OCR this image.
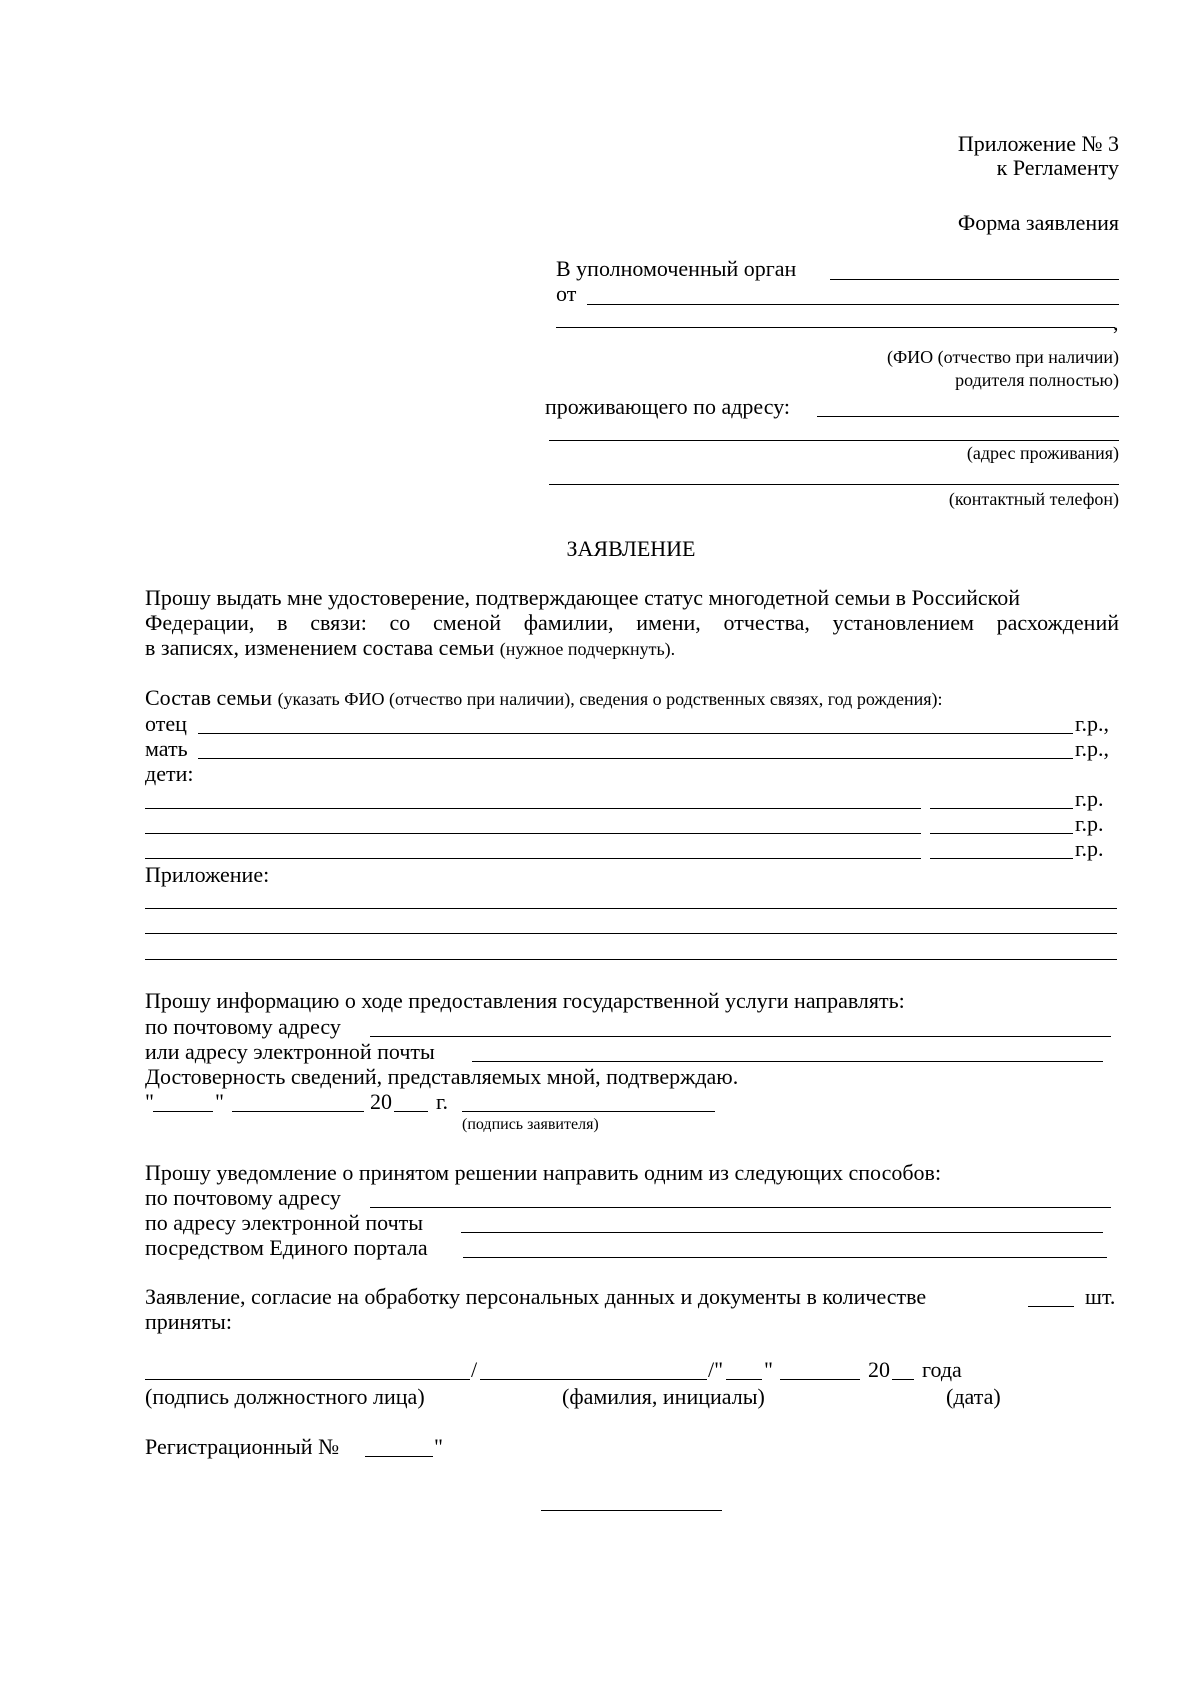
Приложение № 3
к Регламенту
Форма заявления
В уполномоченный орган
от
,
(ФИО (отчество при наличии)
родителя полностью)
проживающего по адресу:
(адрес проживания)
(контактный телефон)
ЗАЯВЛЕНИЕ
Прошу выдать мне удостоверение, подтверждающее статус многодетной семьи в Российской
Федерации, в связи: со сменой фамилии, имени, отчества, установлением расхождений
в записях, изменением состава семьи (нужное подчеркнуть).
Состав семьи (указать ФИО (отчество при наличии), сведения о родственных связях, год рождения):
отец	г.р.,
мать	г.р.,
дети:
г.р.
г.р.
г.р.
Приложение:
Прошу информацию о ходе предоставления государственной услуги направлять:
по почтовому адресу
или адресу электронной почты
Достоверность сведений, представляемых мной, подтверждаю.
"	"	20 г.
(подпись заявителя)
Прошу уведомление о принятом решении направить одним из следующих способов:
по почтовому адресу
по адресу электронной почты
посредством Единого портала
Заявление, согласие на обработку персональных данных и документы в количестве	шт.
приняты:
/	/" "	20 года
(подпись должностного лица)	(фамилия, инициалы)	(дата)
Регистрационный №	"
